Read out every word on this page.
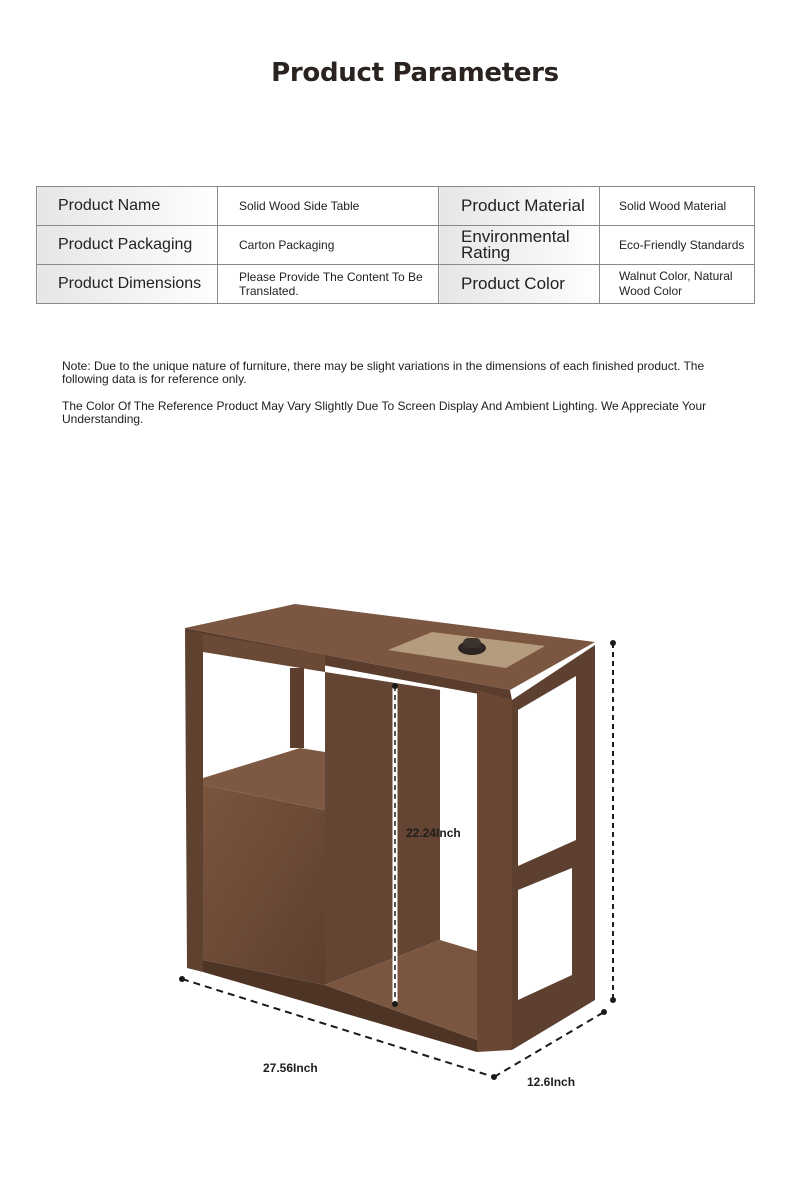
Product Parameters
Product Name	Solid Wood Side Table	Product Material	Solid Wood Material
Product Packaging	Carton Packaging	Environmental Rating	Eco-Friendly Standards
Product Dimensions	Please Provide The Content To Be Translated.	Product Color	Walnut Color, Natural Wood Color
Note: Due to the unique nature of furniture, there may be slight variations in the dimensions of each finished product. The following data is for reference only.
The Color Of The Reference Product May Vary Slightly Due To Screen Display And Ambient Lighting. We Appreciate Your Understanding.
22.24Inch
27.56Inch
12.6Inch
